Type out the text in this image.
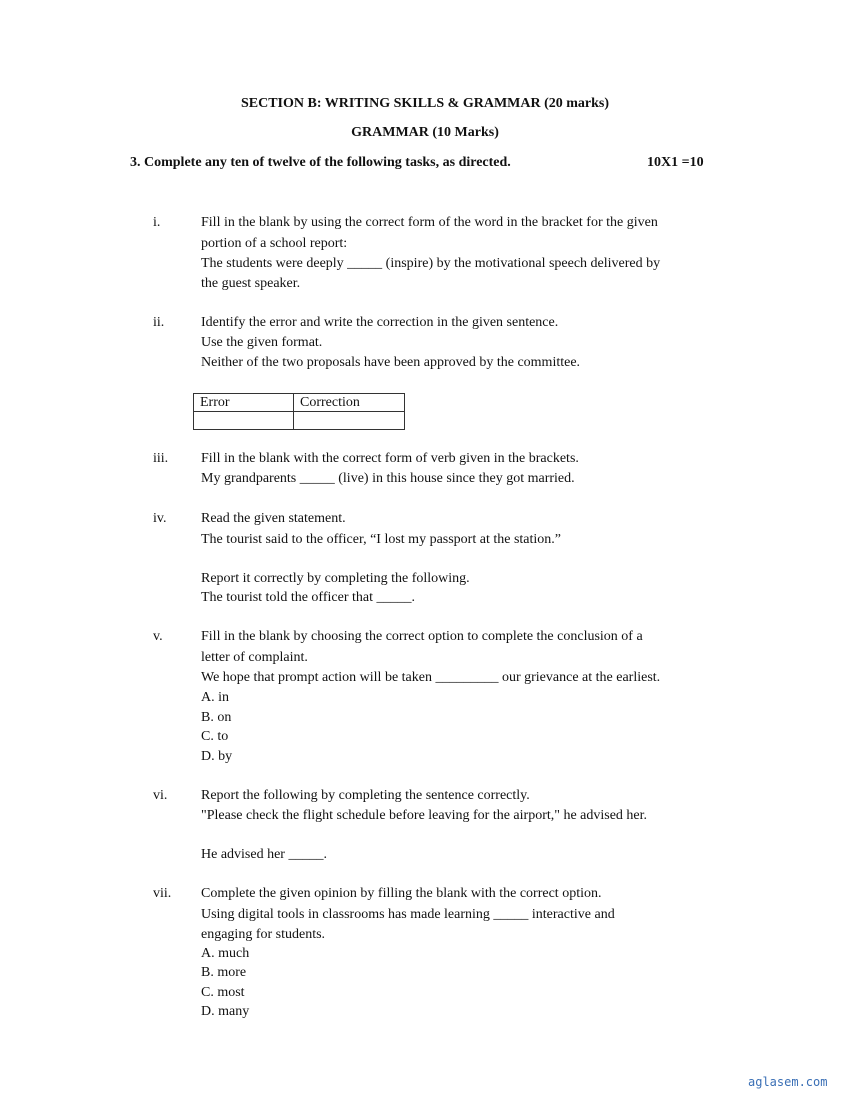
SECTION B: WRITING SKILLS & GRAMMAR (20 marks)
GRAMMAR (10 Marks)
3. Complete any ten of twelve of the following tasks, as directed.	10X1 =10
i.	Fill in the blank by using the correct form of the word in the bracket for the given
portion of a school report:
The students were deeply _____ (inspire) by the motivational speech delivered by
the guest speaker.
ii.	Identify the error and write the correction in the given sentence.
Use the given format.
Neither of the two proposals have been approved by the committee.
iii. Fill in the blank with the correct form of verb given in the brackets.
My grandparents _____ (live) in this house since they got married.
iv. Read the given statement.
The tourist said to the officer, “I lost my passport at the station.”
Report it correctly by completing the following.
The tourist told the officer that _____.
v.	Fill in the blank by choosing the correct option to complete the conclusion of a
letter of complaint.
We hope that prompt action will be taken _________ our grievance at the earliest.
A. in
B. on
C. to
D. by
vi. Report the following by completing the sentence correctly.
"Please check the flight schedule before leaving for the airport," he advised her.
He advised her _____.
vii. Complete the given opinion by filling the blank with the correct option.
Using digital tools in classrooms has made learning _____ interactive and
engaging for students.
A. much
B. more
C. most
D. many
Error	Correction

aglasem.com
